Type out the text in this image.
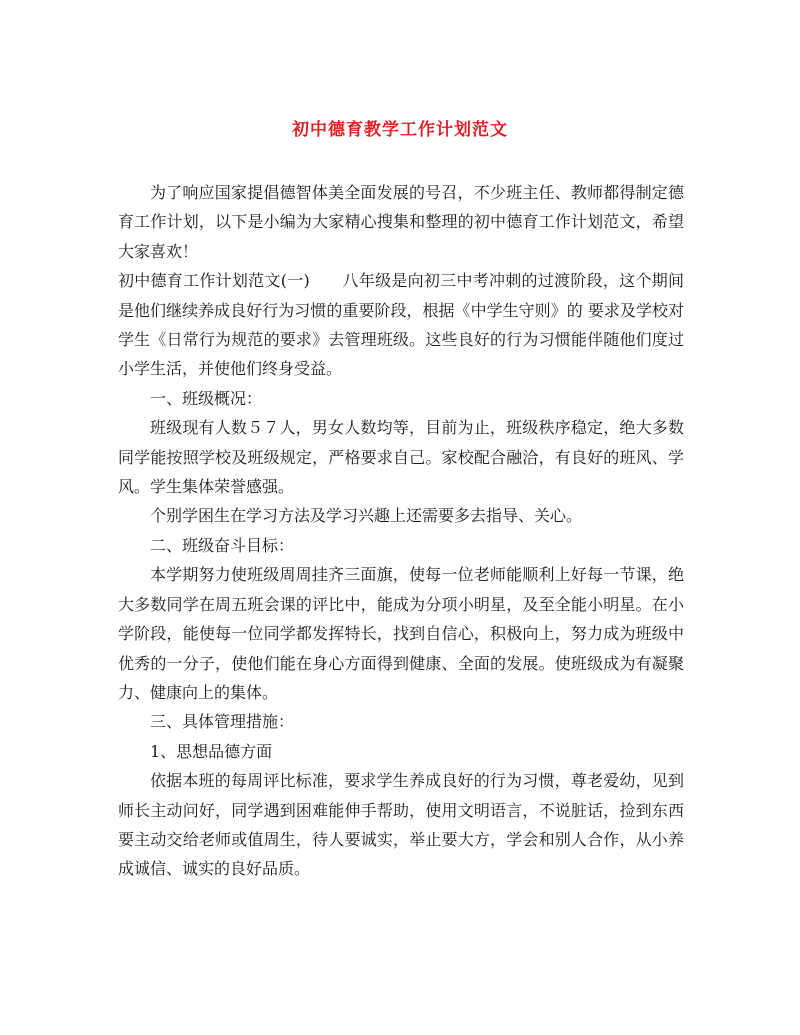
初中德育教学工作计划范文

为了响应国家提倡德智体美全面发展的号召，不少班主任、教师都得制定德育工作计划，以下是小编为大家精心搜集和整理的初中德育工作计划范文，希望大家喜欢！

初中德育工作计划范文(一)　　八年级是向初三中考冲刺的过渡阶段，这个期间是他们继续养成良好行为习惯的重要阶段，根据《中学生守则》的 要求及学校对学生《日常行为规范的要求》去管理班级。这些良好的行为习惯能伴随他们度过小学生活，并使他们终身受益。

一、班级概况：

班级现有人数５７人，男女人数均等，目前为止，班级秩序稳定，绝大多数同学能按照学校及班级规定，严格要求自己。家校配合融洽，有良好的班风、学风。学生集体荣誉感强。

个别学困生在学习方法及学习兴趣上还需要多去指导、关心。

二、班级奋斗目标：

本学期努力使班级周周挂齐三面旗，使每一位老师能顺利上好每一节课，绝大多数同学在周五班会课的评比中，能成为分项小明星，及至全能小明星。在小学阶段，能使每一位同学都发挥特长，找到自信心，积极向上，努力成为班级中优秀的一分子，使他们能在身心方面得到健康、全面的发展。使班级成为有凝聚力、健康向上的集体。

三、具体管理措施：

1、思想品德方面

依据本班的每周评比标准，要求学生养成良好的行为习惯，尊老爱幼，见到师长主动问好，同学遇到困难能伸手帮助，使用文明语言，不说脏话，捡到东西要主动交给老师或值周生，待人要诚实，举止要大方，学会和别人合作，从小养成诚信、诚实的良好品质。
